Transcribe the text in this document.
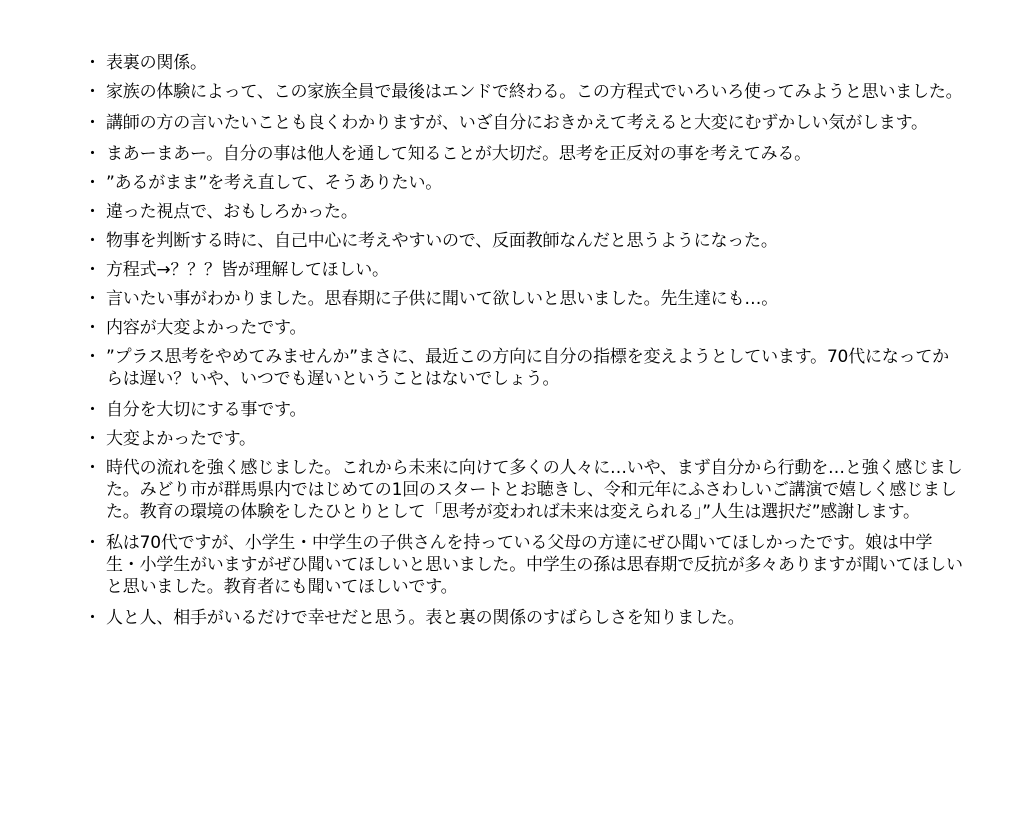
・ 表裏の関係。
・ 家族の体験によって、この家族全員で最後はエンドで終わる。この方程式でいろいろ使ってみようと思いました。
・ 講師の方の言いたいことも良くわかりますが、いざ自分におきかえて考えると大変にむずかしい気がします。
・ まあーまあー。自分の事は他人を通して知ることが大切だ。思考を正反対の事を考えてみる。
・ ”あるがまま”を考え直して、そうありたい。
・ 違った視点で、おもしろかった。
・ 物事を判断する時に、自己中心に考えやすいので、反面教師なんだと思うようになった。
・ 方程式→？？？皆が理解してほしい。
・ 言いたい事がわかりました。思春期に子供に聞いて欲しいと思いました。先生達にも…。
・ 内容が大変よかったです。
・ ”プラス思考をやめてみませんか”まさに、最近この方向に自分の指標を変えようとしています。70代になってからは遅い？いや、いつでも遅いということはないでしょう。
・ 自分を大切にする事です。
・ 大変よかったです。
・ 時代の流れを強く感じました。これから未来に向けて多くの人々に…いや、まず自分から行動を…と強く感じました。みどり市が群馬県内ではじめての1回のスタートとお聴きし、令和元年にふさわしいご講演で嬉しく感じました。教育の環境の体験をしたひとりとして「思考が変われば未来は変えられる」”人生は選択だ”感謝します。
・ 私は70代ですが、小学生・中学生の子供さんを持っている父母の方達にぜひ聞いてほしかったです。娘は中学生・小学生がいますがぜひ聞いてほしいと思いました。中学生の孫は思春期で反抗が多々ありますが聞いてほしいと思いました。教育者にも聞いてほしいです。
・ 人と人、相手がいるだけで幸せだと思う。表と裏の関係のすばらしさを知りました。
